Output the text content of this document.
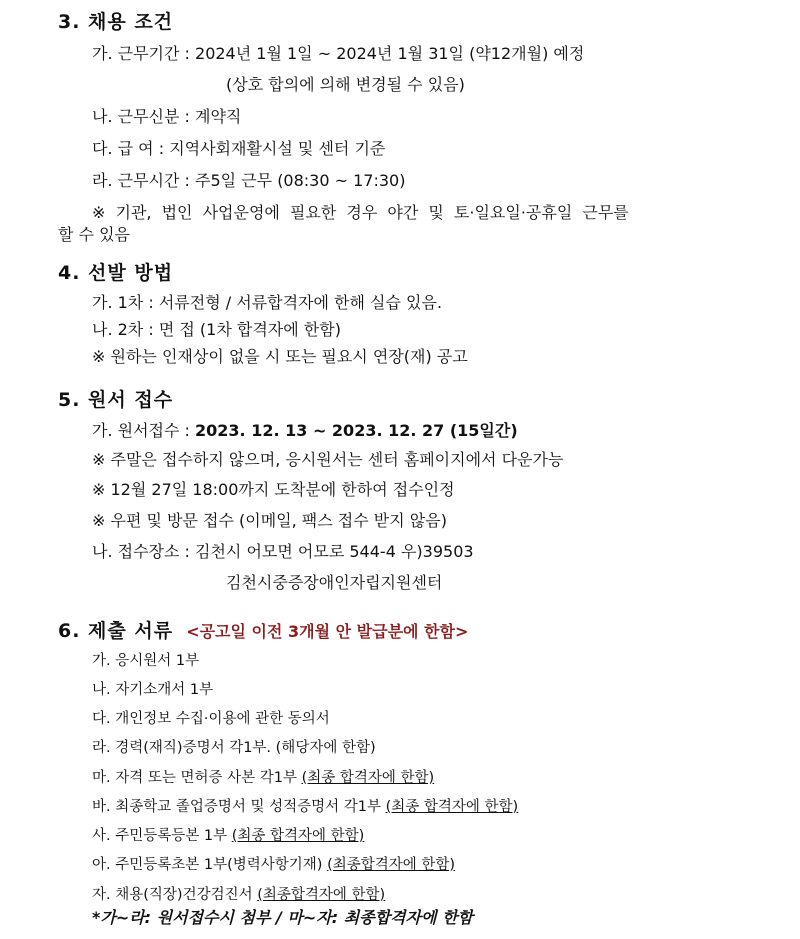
3. 채용 조건
가. 근무기간 : 2024년 1월 1일 ~ 2024년 1월 31일 (약12개월) 예정
(상호 합의에 의해 변경될 수 있음)
나. 근무신분 : 계약직
다. 급 여 : 지역사회재활시설 및 센터 기준
라. 근무시간 : 주5일 근무 (08:30 ~ 17:30)
※ 기관, 법인 사업운영에 필요한 경우 야간 및 토·일요일·공휴일 근무를
할 수 있음
4. 선발 방법
가. 1차 : 서류전형 / 서류합격자에 한해 실습 있음.
나. 2차 : 면 접 (1차 합격자에 한함)
※ 원하는 인재상이 없을 시 또는 필요시 연장(재) 공고
5. 원서 접수
가. 원서접수 : 2023. 12. 13 ~ 2023. 12. 27 (15일간)
※ 주말은 접수하지 않으며, 응시원서는 센터 홈페이지에서 다운가능
※ 12월 27일 18:00까지 도착분에 한하여 접수인정
※ 우편 및 방문 접수 (이메일, 팩스 접수 받지 않음)
나. 접수장소 : 김천시 어모면 어모로 544-4 우)39503
김천시중증장애인자립지원센터
6. 제출 서류 <공고일 이전 3개월 안 발급분에 한함>
가. 응시원서 1부
나. 자기소개서 1부
다. 개인정보 수집·이용에 관한 동의서
라. 경력(재직)증명서 각1부. (해당자에 한함)
마. 자격 또는 면허증 사본 각1부 (최종 합격자에 한함)
바. 최종학교 졸업증명서 및 성적증명서 각1부 (최종 합격자에 한함)
사. 주민등록등본 1부 (최종 합격자에 한함)
아. 주민등록초본 1부(병력사항기재) (최종합격자에 한함)
자. 채용(직장)건강검진서 (최종합격자에 한함)
*가~라: 원서접수시 첨부 / 마~자: 최종합격자에 한함
